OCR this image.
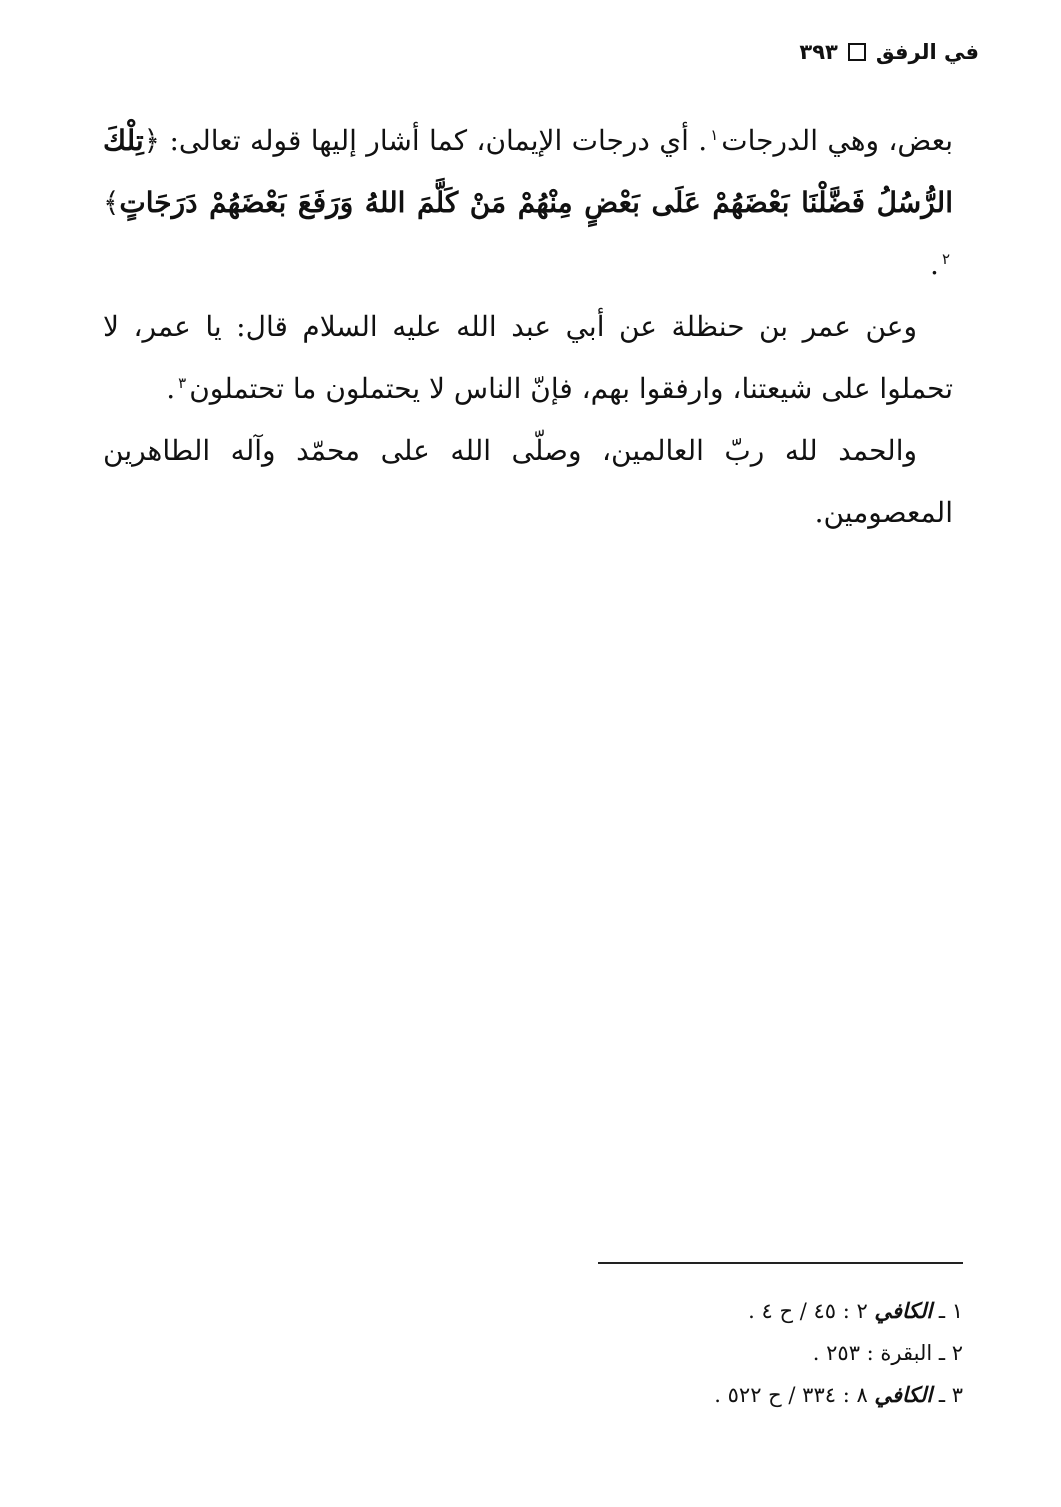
في الرفق
٣٩٣

بعض، وهي الدرجات$^١$. أي درجات الإيمان، كما أشار إليها قوله تعالى: ﴿تِلْكَ الرُّسُلُ فَضَّلْنَا بَعْضَهُمْ عَلَى بَعْضٍ مِنْهُمْ مَنْ كَلَّمَ اللهُ وَرَفَعَ بَعْضَهُمْ دَرَجَاتٍ﴾$^٢$.

وعن عمر بن حنظلة عن أبي عبد الله عليه السلام قال: يا عمر، لا تحملوا على شيعتنا، وارفقوا بهم، فإنّ الناس لا يحتملون ما تحتملون$^٣$.

والحمد لله ربّ العالمين، وصلّى الله على محمّد وآله الطاهرين المعصومين.

١ ـ الكافي ٢ : ٤٥ / ح ٤ .

٢ ـ البقرة : ٢٥٣ .

٣ ـ الكافي ٨ : ٣٣٤ / ح ٥٢٢ .
